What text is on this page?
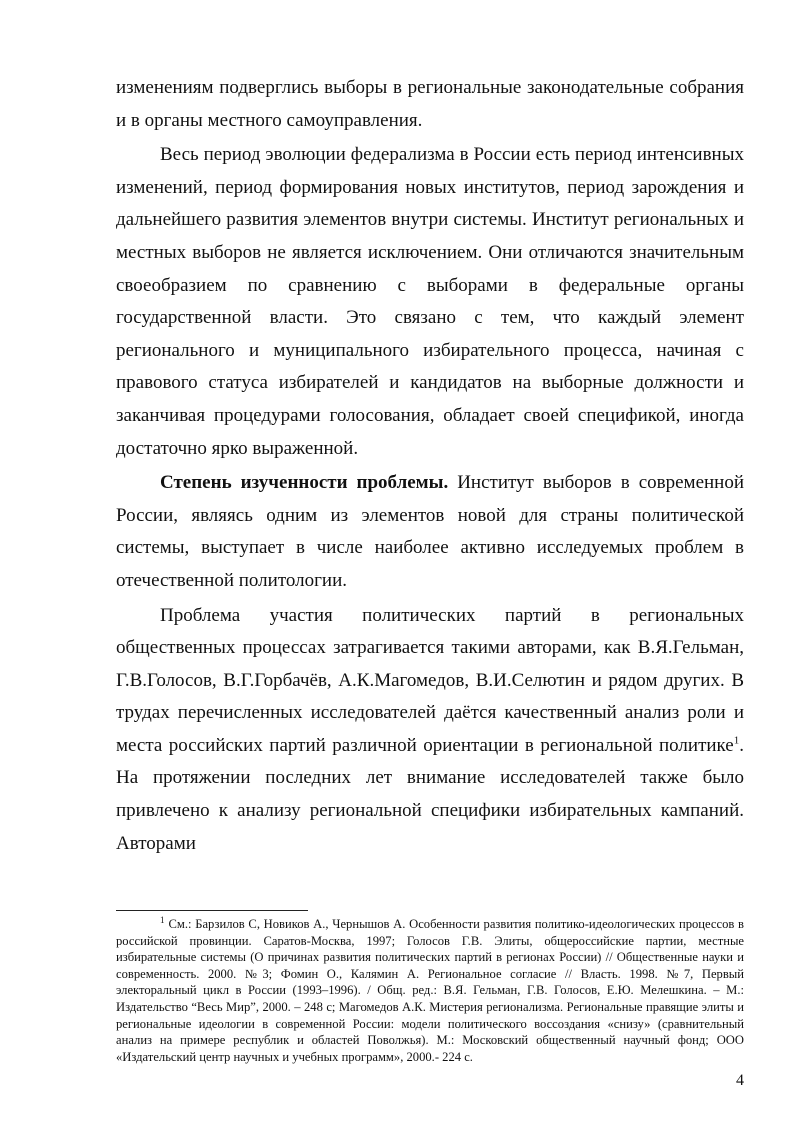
изменениям подверглись выборы в региональные законодательные собрания и в органы местного самоуправления.

Весь период эволюции федерализма в России есть период интенсивных изменений, период формирования новых институтов, период зарождения и дальнейшего развития элементов внутри системы. Институт региональных и местных выборов не является исключением. Они отличаются значительным своеобразием по сравнению с выборами в федеральные органы государственной власти. Это связано с тем, что каждый элемент регионального и муниципального избирательного процесса, начиная с правового статуса избирателей и кандидатов на выборные должности и заканчивая процедурами голосования, обладает своей спецификой, иногда достаточно ярко выраженной.

Степень изученности проблемы. Институт выборов в современной России, являясь одним из элементов новой для страны политической системы, выступает в числе наиболее активно исследуемых проблем в отечественной политологии.

Проблема участия политических партий в региональных общественных процессах затрагивается такими авторами, как В.Я.Гельман, Г.В.Голосов, В.Г.Горбачёв, А.К.Магомедов, В.И.Селютин и рядом других. В трудах перечисленных исследователей даётся качественный анализ роли и места российских партий различной ориентации в региональной политике$^1$. На протяжении последних лет внимание исследователей также было привлечено к анализу региональной специфики избирательных кампаний. Авторами

$^1$ См.: Барзилов С, Новиков А., Чернышов А. Особенности развития политико-идеологических процессов в российской провинции. Саратов-Москва, 1997; Голосов Г.В. Элиты, общероссийские партии, местные избирательные системы (О причинах развития политических партий в регионах России) // Общественные науки и современность. 2000. №3; Фомин О., Калямин А. Региональное согласие // Власть. 1998. №7, Первый электоральный цикл в России (1993–1996). / Общ. ред.: В.Я. Гельман, Г.В. Голосов, Е.Ю. Мелешкина. – М.: Издательство “Весь Мир”, 2000. – 248 с; Магомедов А.К. Мистерия регионализма. Региональные правящие элиты и региональные идеологии в современной России: модели политического воссоздания «снизу» (сравнительный анализ на примере республик и областей Поволжья). М.: Московский общественный научный фонд; ООО «Издательский центр научных и учебных программ», 2000.- 224 с.

4
